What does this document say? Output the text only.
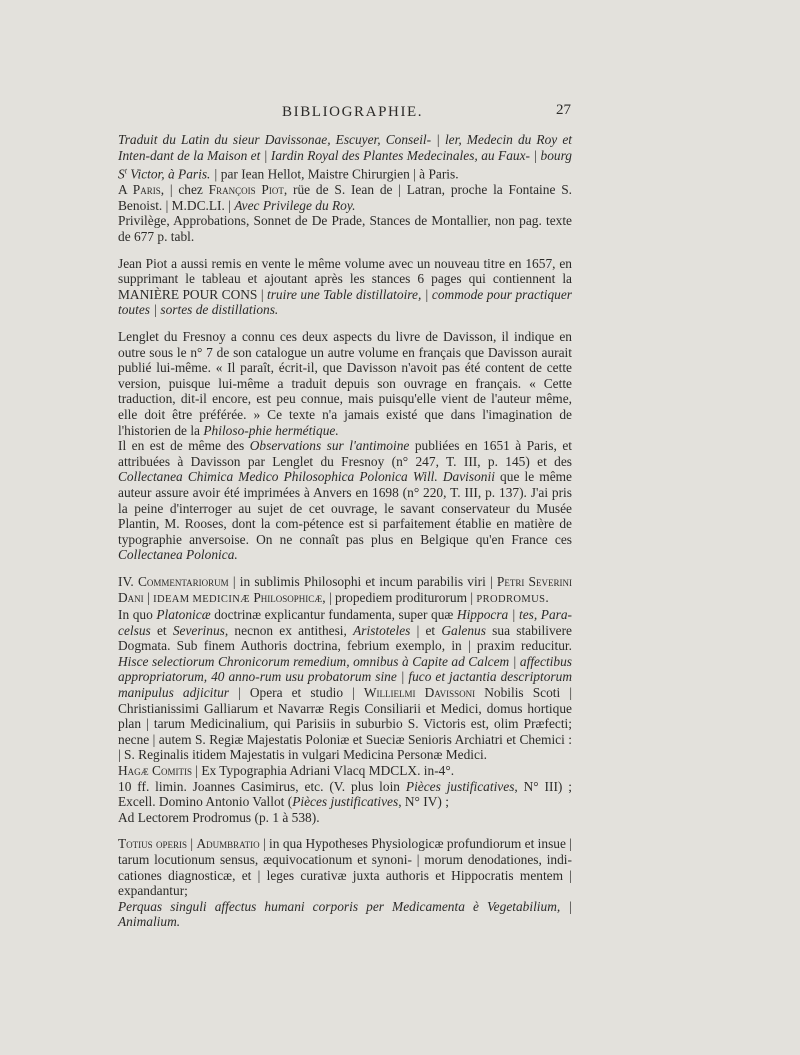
BIBLIOGRAPHIE.	27

Traduit du Latin du sieur Davissonae, Escuyer, Conseil- | ler, Medecin du Roy et Inten-dant de la Maison et | Iardin Royal des Plantes Medecinales, au Faux- | bourg $S^t$ Victor, à Paris. | par Iean Hellot, Maistre Chirurgien | à Paris.

A Paris, | chez François Piot, rüe de S. Iean de | Latran, proche la Fontaine S. Benoist. | M.DC.LI. | Avec Privilege du Roy.

Privilège, Approbations, Sonnet de De Prade, Stances de Montallier, non pag. texte de 677 p. tabl.

Jean Piot a aussi remis en vente le même volume avec un nouveau titre en 1657, en supprimant le tableau et ajoutant après les stances 6 pages qui contiennent la MANIÈRE POUR CONS | truire une Table distillatoire, | commode pour practiquer toutes | sortes de distillations.

Lenglet du Fresnoy a connu ces deux aspects du livre de Davisson, il indique en outre sous le n° 7 de son catalogue un autre volume en français que Davisson aurait publié lui-même. « Il paraît, écrit-il, que Davisson n'avoit pas été content de cette version, puisque lui-même a traduit depuis son ouvrage en français. « Cette traduction, dit-il encore, est peu connue, mais puisqu'elle vient de l'auteur même, elle doit être préférée. » Ce texte n'a jamais existé que dans l'imagination de l'historien de la Philoso-phie hermétique.

Il en est de même des Observations sur l'antimoine publiées en 1651 à Paris, et attribuées à Davisson par Lenglet du Fresnoy (n° 247, T. III, p. 145) et des Collectanea Chimica Medico Philosophica Polonica Will. Davisonii que le même auteur assure avoir été imprimées à Anvers en 1698 (n° 220, T. III, p. 137). J'ai pris la peine d'interroger au sujet de cet ouvrage, le savant conservateur du Musée Plantin, M. Rooses, dont la com-pétence est si parfaitement établie en matière de typographie anversoise. On ne connaît pas plus en Belgique qu'en France ces Collectanea Polonica.

IV. Commentariorum | in sublimis Philosophi et incum parabilis viri | Petri Severini Dani | IDEAM MEDICINÆ Philosophicæ, | propediem proditurorum | PRODROMUS.

In quo Platonicæ doctrinæ explicantur fundamenta, super quæ Hippocra | tes, Para-celsus et Severinus, necnon ex antithesi, Aristoteles | et Galenus sua stabilivere Dogmata. Sub finem Authoris doctrina, febrium exemplo, in | praxim reducitur. Hisce selectiorum Chronicorum remedium, omnibus à Capite ad Calcem | affectibus appropriatorum, 40 anno-rum usu probatorum sine | fuco et jactantia descriptorum manipulus adjicitur | Opera et studio | Willielmi Davissoni Nobilis Scoti | Christianissimi Galliarum et Navarræ Regis Consiliarii et Medici, domus hortique plan | tarum Medicinalium, qui Parisiis in suburbio S. Victoris est, olim Præfecti; necne | autem S. Regiæ Majestatis Poloniæ et Sueciæ Senioris Archiatri et Chemici : | S. Reginalis itidem Majestatis in vulgari Medicina Personæ Medici.

Hagæ Comitis | Ex Typographia Adriani Vlacq MDCLX. in-4°.

10 ff. limin. Joannes Casimirus, etc. (V. plus loin Pièces justificatives, N° III) ; Excell. Domino Antonio Vallot (Pièces justificatives, N° IV) ;

Ad Lectorem Prodromus (p. 1 à 538).

Totius operis | Adumbratio | in qua Hypotheses Physiologicæ profundiorum et insue | tarum locutionum sensus, æquivocationum et synoni- | morum denodationes, indi-cationes diagnosticæ, et | leges curativæ juxta authoris et Hippocratis mentem | expandantur;

Perquas singuli affectus humani corporis per Medicamenta è Vegetabilium, | Animalium.
